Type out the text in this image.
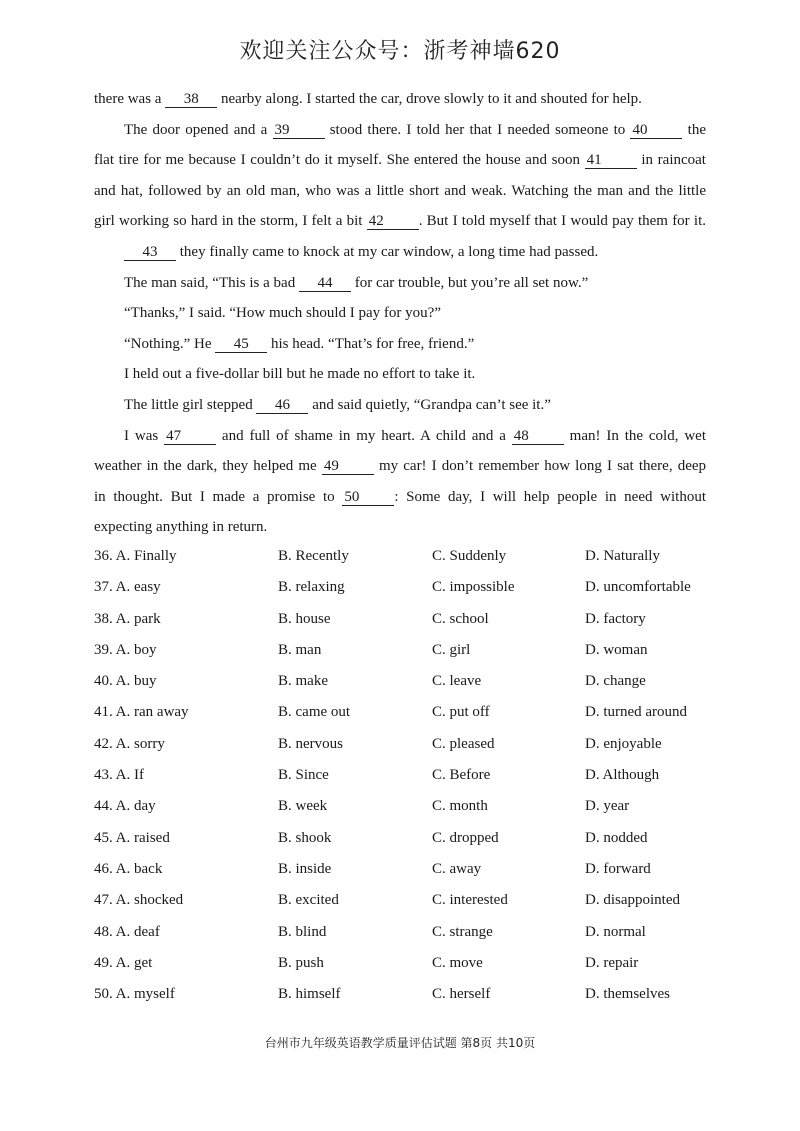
欢迎关注公众号：浙考神墙620
there was a 38 nearby along. I started the car, drove slowly to it and shouted for help.
The door opened and a 39 stood there. I told her that I needed someone to 40 the
flat tire for me because I couldn’t do it myself. She entered the house and soon 41 in raincoat
and hat, followed by an old man, who was a little short and weak. Watching the man and the little
girl working so hard in the storm, I felt a bit 42 . But I told myself that I would pay them for it.
43 they finally came to knock at my car window, a long time had passed.
The man said, “This is a bad 44 for car trouble, but you’re all set now.”
“Thanks,” I said. “How much should I pay for you?”
“Nothing.” He 45 his head. “That’s for free, friend.”
I held out a five-dollar bill but he made no effort to take it.
The little girl stepped 46 and said quietly, “Grandpa can’t see it.”
I was 47 and full of shame in my heart. A child and a 48 man! In the cold, wet
weather in the dark, they helped me 49 my car! I don’t remember how long I sat there, deep
in thought. But I made a promise to 50 : Some day, I will help people in need without
expecting anything in return.
36. A. Finally	B. Recently	C. Suddenly	D. Naturally
37. A. easy	B. relaxing	C. impossible	D. uncomfortable
38. A. park	B. house	C. school	D. factory
39. A. boy	B. man	C. girl	D. woman
40. A. buy	B. make	C. leave	D. change
41. A. ran away	B. came out	C. put off	D. turned around
42. A. sorry	B. nervous	C. pleased	D. enjoyable
43. A. If	B. Since	C. Before	D. Although
44. A. day	B. week	C. month	D. year
45. A. raised	B. shook	C. dropped	D. nodded
46. A. back	B. inside	C. away	D. forward
47. A. shocked	B. excited	C. interested	D. disappointed
48. A. deaf	B. blind	C. strange	D. normal
49. A. get	B. push	C. move	D. repair
50. A. myself	B. himself	C. herself	D. themselves
台州市九年级英语教学质量评估试题 第8页 共10页
